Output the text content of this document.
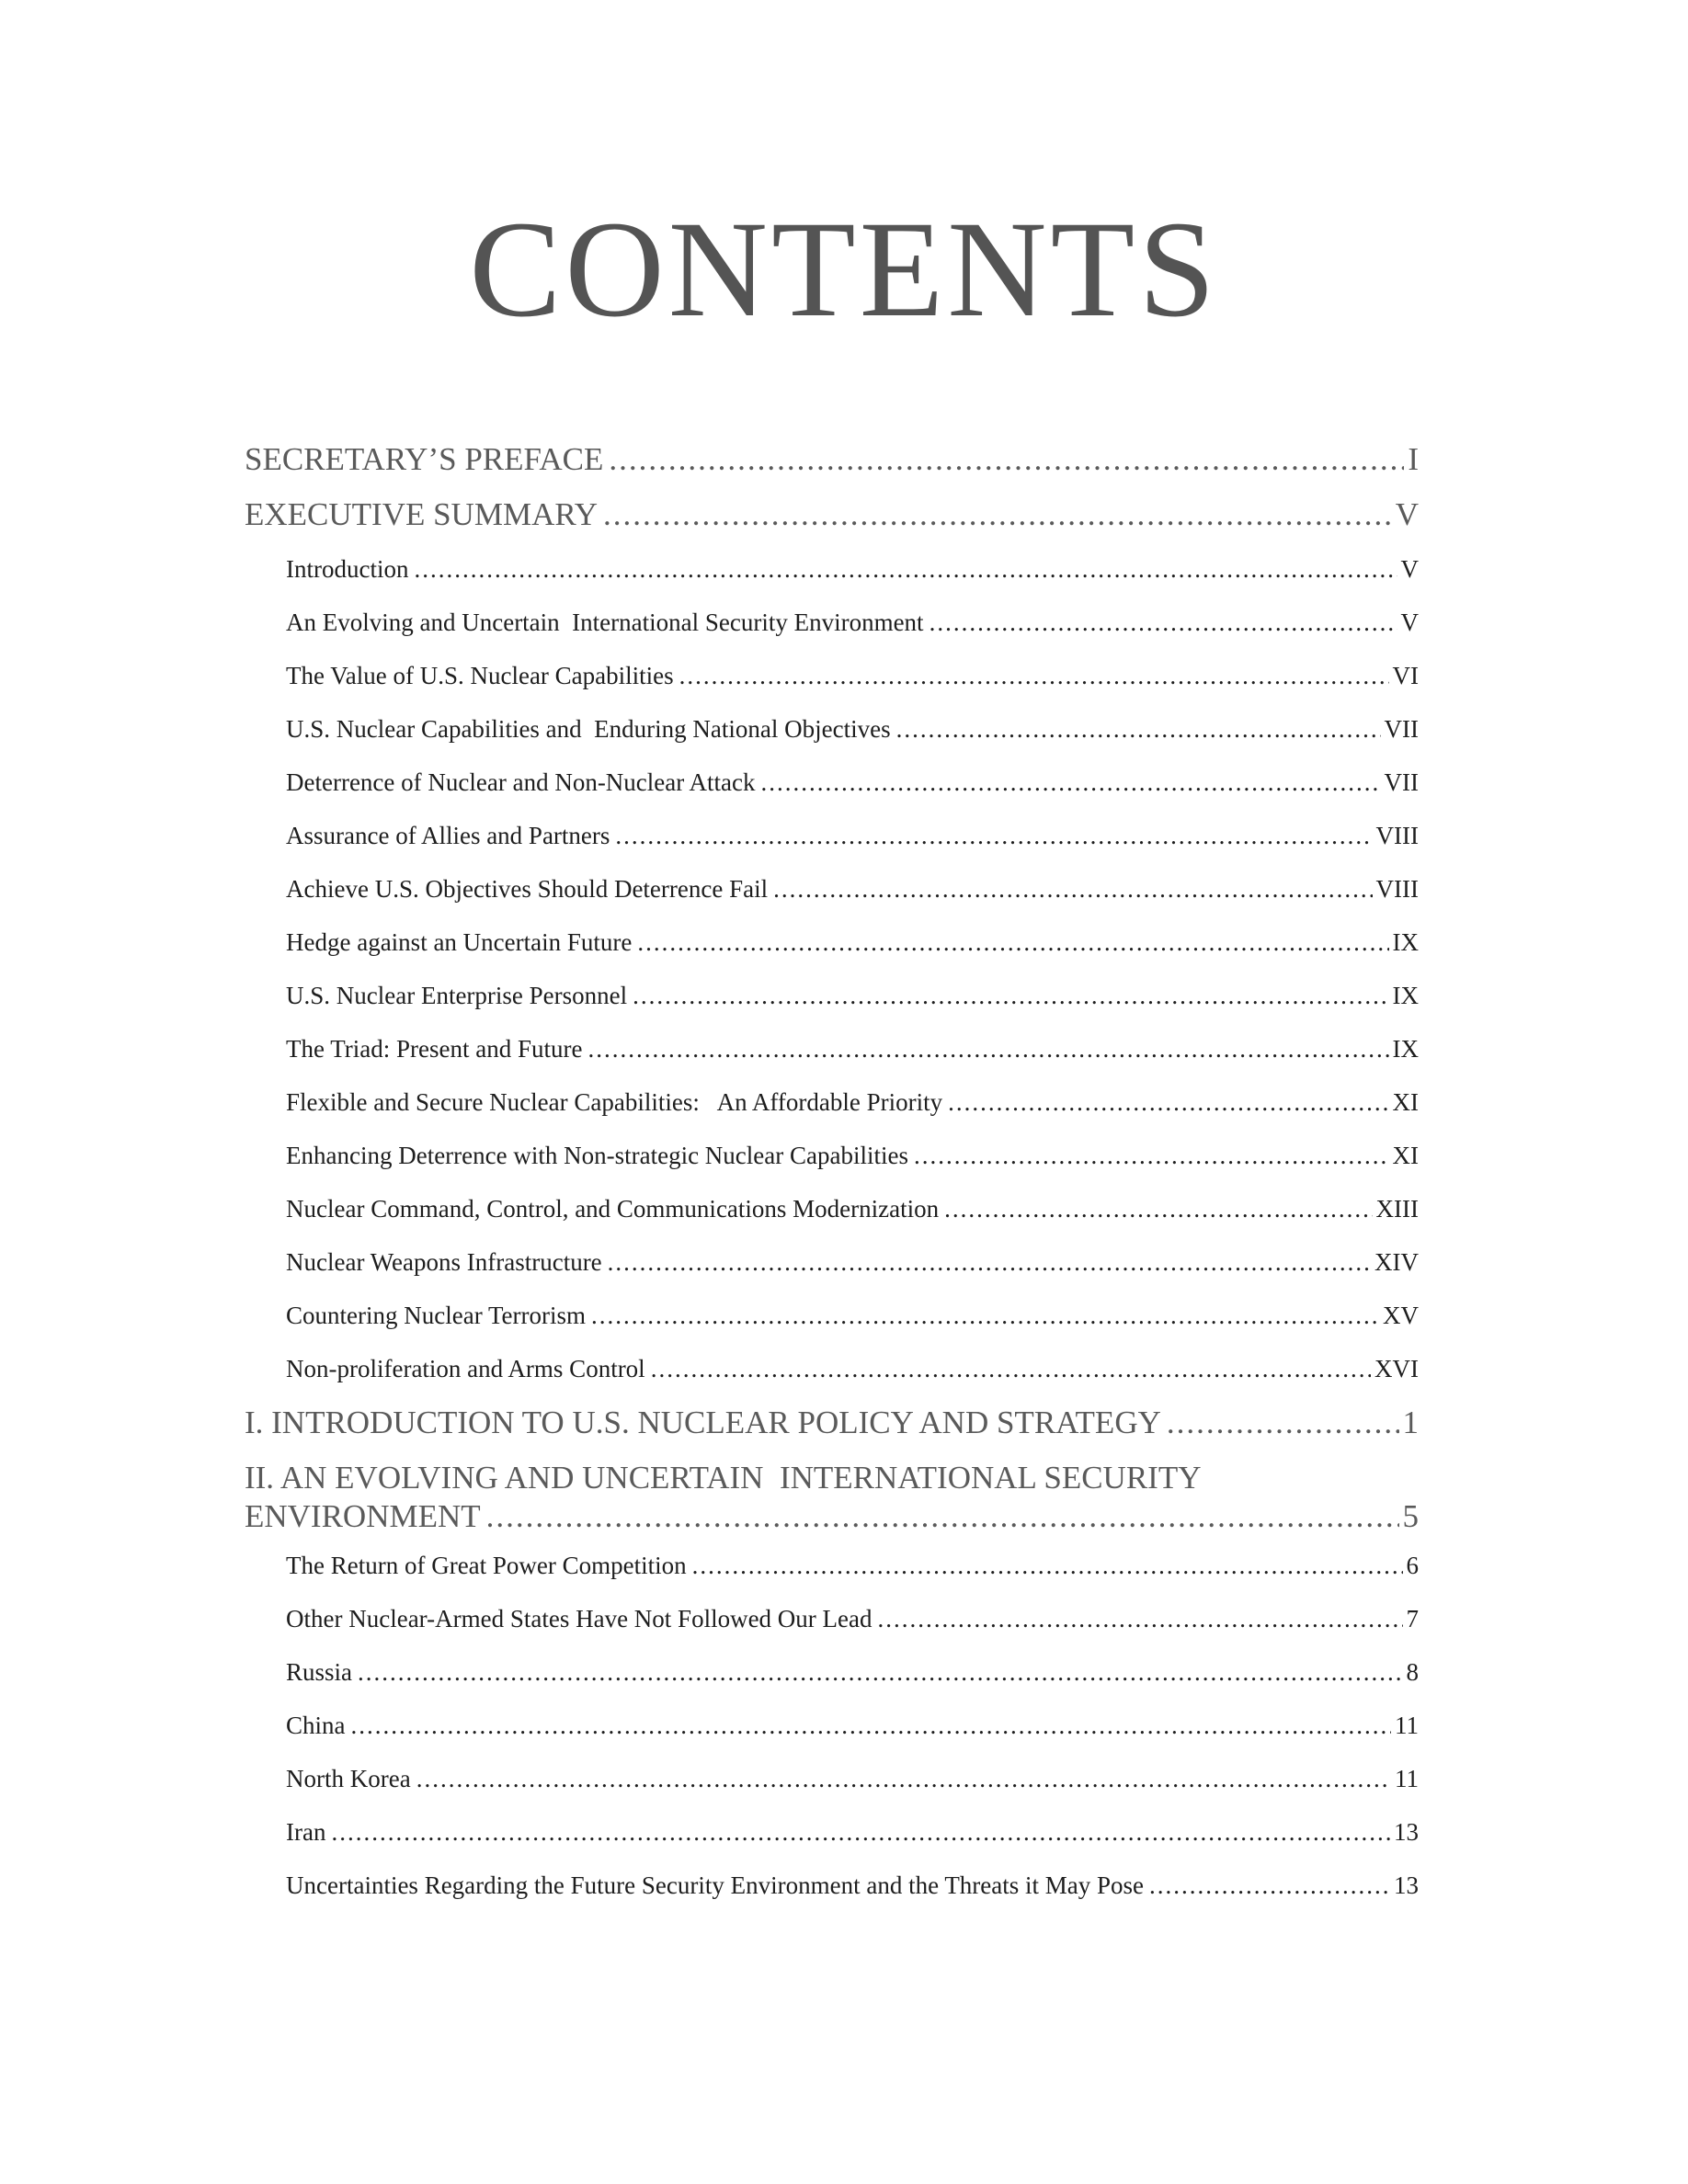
CONTENTS
SECRETARY’S PREFACE .....	I
EXECUTIVE SUMMARY .....	V
Introduction .....	V
An Evolving and Uncertain  International Security Environment .....	V
The Value of U.S. Nuclear Capabilities .....	VI
U.S. Nuclear Capabilities and  Enduring National Objectives .....	VII
Deterrence of Nuclear and Non-Nuclear Attack .....	VII
Assurance of Allies and Partners .....	VIII
Achieve U.S. Objectives Should Deterrence Fail .....	VIII
Hedge against an Uncertain Future .....	IX
U.S. Nuclear Enterprise Personnel .....	IX
The Triad: Present and Future .....	IX
Flexible and Secure Nuclear Capabilities:   An Affordable Priority .....	XI
Enhancing Deterrence with Non-strategic Nuclear Capabilities .....	XI
Nuclear Command, Control, and Communications Modernization .....	XIII
Nuclear Weapons Infrastructure .....	XIV
Countering Nuclear Terrorism .....	XV
Non-proliferation and Arms Control .....	XVI
I. INTRODUCTION TO U.S. NUCLEAR POLICY AND STRATEGY .....	1
II. AN EVOLVING AND UNCERTAIN  INTERNATIONAL SECURITY
ENVIRONMENT .....	5
The Return of Great Power Competition .....	6
Other Nuclear-Armed States Have Not Followed Our Lead .....	7
Russia .....	8
China .....	11
North Korea .....	11
Iran .....	13
Uncertainties Regarding the Future Security Environment and the Threats it May Pose .....	13
